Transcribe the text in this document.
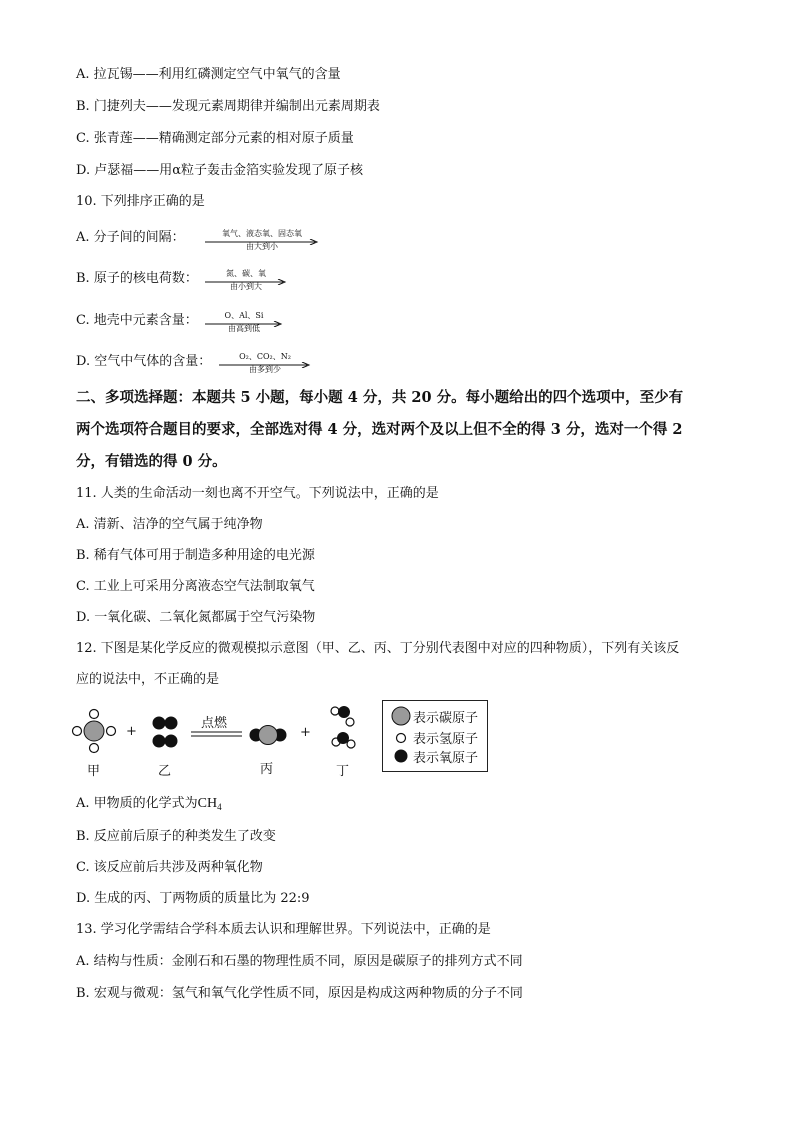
A. 拉瓦锡——利用红磷测定空气中氧气的含量
B. 门捷列夫——发现元素周期律并编制出元素周期表
C. 张青莲——精确测定部分元素的相对原子质量
D. 卢瑟福——用α粒子轰击金箔实验发现了原子核
10. 下列排序正确的是
A. 分子间的间隔：	氧气、液态氧、固态氧
由大到小
B. 原子的核电荷数：	氮、碳、氧
由小到大
C. 地壳中元素含量：	O、Al、Si
由高到低
D. 空气中气体的含量：	O₂、CO₂、N₂
由多到少
二、多项选择题：本题共 5 小题，每小题 4 分，共 20 分。每小题给出的四个选项中，至少有
两个选项符合题目的要求，全部选对得 4 分，选对两个及以上但不全的得 3 分，选对一个得 2
分，有错选的得 0 分。
11. 人类的生命活动一刻也离不开空气。下列说法中，正确的是
A. 清新、洁净的空气属于纯净物
B. 稀有气体可用于制造多种用途的电光源
C. 工业上可采用分离液态空气法制取氧气
D. 一氧化碳、二氧化氮都属于空气污染物
12. 下图是某化学反应的微观模拟示意图（甲、乙、丙、丁分别代表图中对应的四种物质），下列有关该反
应的说法中，不正确的是
+	+
点燃
甲	乙	丙	丁
表示碳原子
表示氢原子
表示氧原子
A. 甲物质的化学式为$CH_4$
B. 反应前后原子的种类发生了改变
C. 该反应前后共涉及两种氧化物
D. 生成的丙、丁两物质的质量比为 22:9
13. 学习化学需结合学科本质去认识和理解世界。下列说法中，正确的是
A. 结构与性质：金刚石和石墨的物理性质不同，原因是碳原子的排列方式不同
B. 宏观与微观：氢气和氧气化学性质不同，原因是构成这两种物质的分子不同
